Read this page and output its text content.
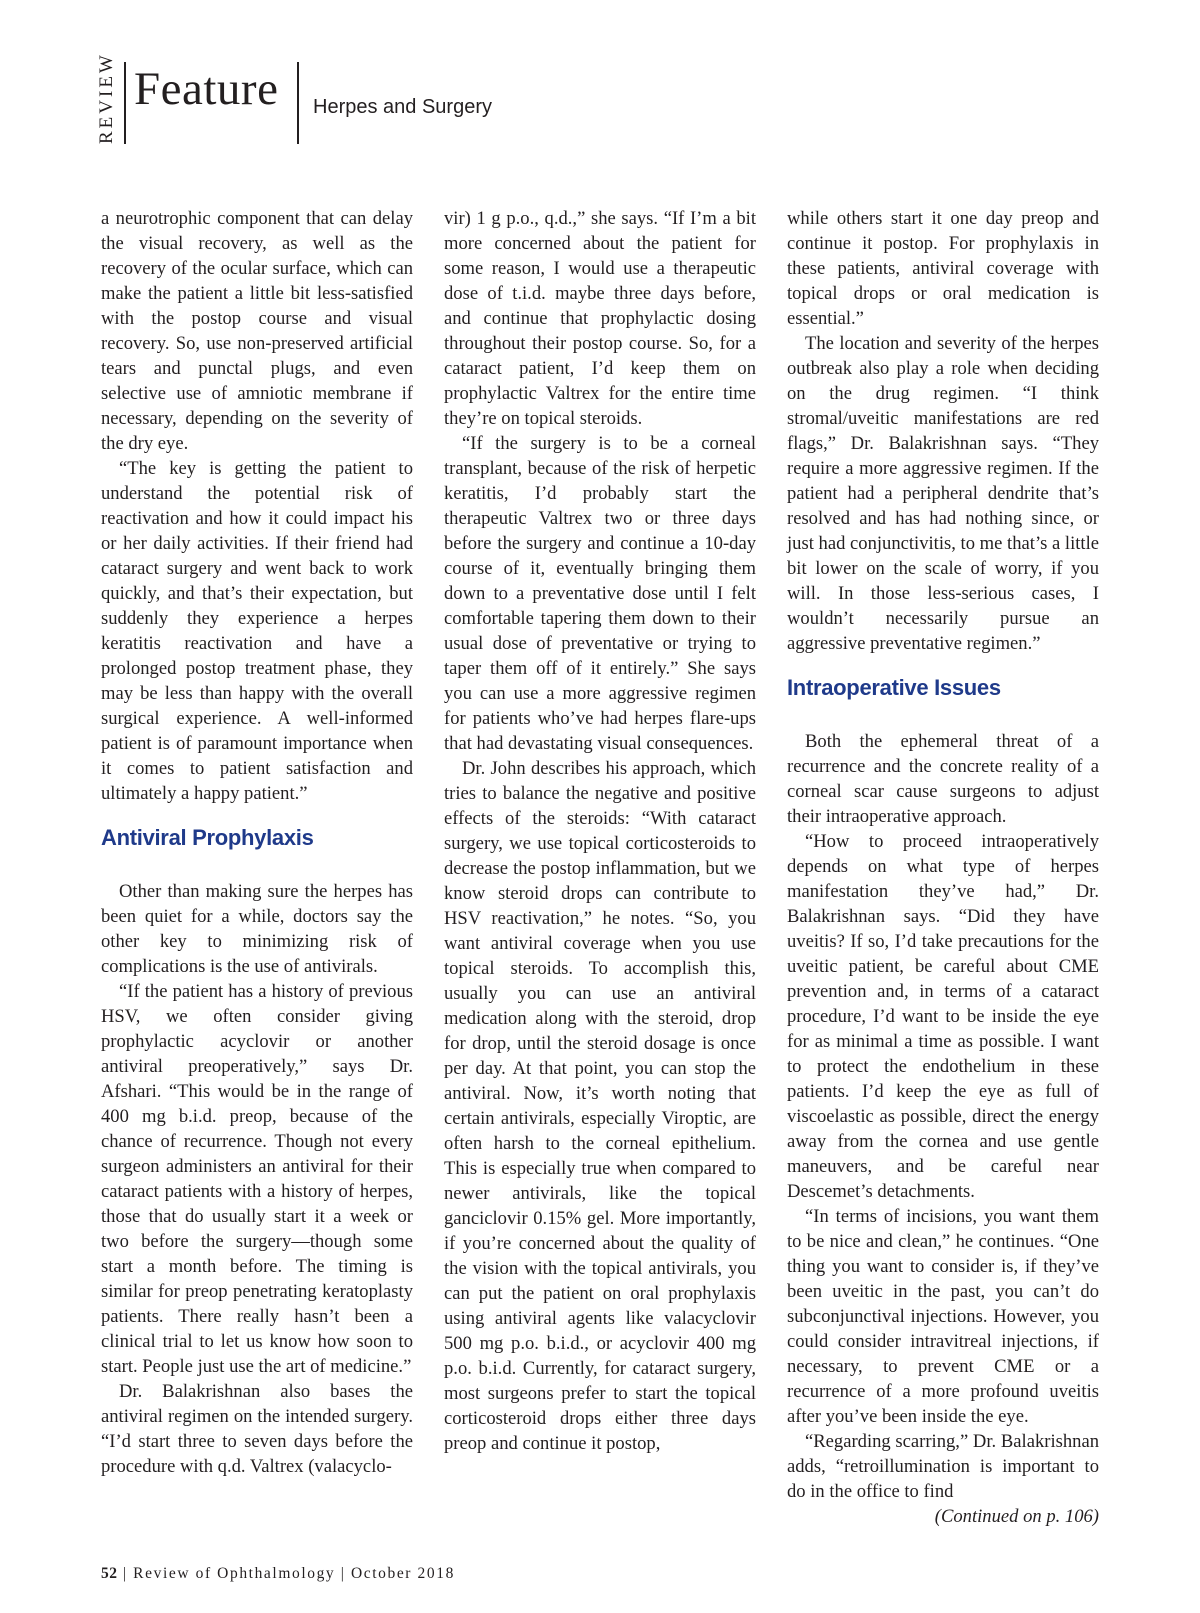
REVIEW Feature Herpes and Surgery

a neurotrophic component that can delay the visual recovery, as well as the recovery of the ocular surface, which can make the patient a little bit less-satisfied with the postop course and visual recovery. So, use non-preserved artificial tears and punctal plugs, and even selective use of amniotic membrane if necessary, depending on the severity of the dry eye.

“The key is getting the patient to understand the potential risk of reactivation and how it could impact his or her daily activities. If their friend had cataract surgery and went back to work quickly, and that’s their expectation, but suddenly they experience a herpes keratitis reactivation and have a prolonged postop treatment phase, they may be less than happy with the overall surgical experience. A well-informed patient is of paramount importance when it comes to patient satisfaction and ultimately a happy patient.”

Antiviral Prophylaxis

Other than making sure the herpes has been quiet for a while, doctors say the other key to minimizing risk of complications is the use of antivirals.

“If the patient has a history of previous HSV, we often consider giving prophylactic acyclovir or another antiviral preoperatively,” says Dr. Afshari. “This would be in the range of 400 mg b.i.d. preop, because of the chance of recurrence. Though not every surgeon administers an antiviral for their cataract patients with a history of herpes, those that do usually start it a week or two before the surgery—though some start a month before. The timing is similar for preop penetrating keratoplasty patients. There really hasn’t been a clinical trial to let us know how soon to start. People just use the art of medicine.”

Dr. Balakrishnan also bases the antiviral regimen on the intended surgery. “I’d start three to seven days before the procedure with q.d. Valtrex (valacyclo-

vir) 1 g p.o., q.d.,” she says. “If I’m a bit more concerned about the patient for some reason, I would use a therapeutic dose of t.i.d. maybe three days before, and continue that prophylactic dosing throughout their postop course. So, for a cataract patient, I’d keep them on prophylactic Valtrex for the entire time they’re on topical steroids.

“If the surgery is to be a corneal transplant, because of the risk of herpetic keratitis, I’d probably start the therapeutic Valtrex two or three days before the surgery and continue a 10-day course of it, eventually bringing them down to a preventative dose until I felt comfortable tapering them down to their usual dose of preventative or trying to taper them off of it entirely.” She says you can use a more aggressive regimen for patients who’ve had herpes flare-ups that had devastating visual consequences.

Dr. John describes his approach, which tries to balance the negative and positive effects of the steroids: “With cataract surgery, we use topical corticosteroids to decrease the postop inflammation, but we know steroid drops can contribute to HSV reactivation,” he notes. “So, you want antiviral coverage when you use topical steroids. To accomplish this, usually you can use an antiviral medication along with the steroid, drop for drop, until the steroid dosage is once per day. At that point, you can stop the antiviral. Now, it’s worth noting that certain antivirals, especially Viroptic, are often harsh to the corneal epithelium. This is especially true when compared to newer antivirals, like the topical ganciclovir 0.15% gel. More importantly, if you’re concerned about the quality of the vision with the topical antivirals, you can put the patient on oral prophylaxis using antiviral agents like valacyclovir 500 mg p.o. b.i.d., or acyclovir 400 mg p.o. b.i.d. Currently, for cataract surgery, most surgeons prefer to start the topical corticosteroid drops either three days preop and continue it postop,

while others start it one day preop and continue it postop. For prophylaxis in these patients, antiviral coverage with topical drops or oral medication is essential.”

The location and severity of the herpes outbreak also play a role when deciding on the drug regimen. “I think stromal/uveitic manifestations are red flags,” Dr. Balakrishnan says. “They require a more aggressive regimen. If the patient had a peripheral dendrite that’s resolved and has had nothing since, or just had conjunctivitis, to me that’s a little bit lower on the scale of worry, if you will. In those less-serious cases, I wouldn’t necessarily pursue an aggressive preventative regimen.”

Intraoperative Issues

Both the ephemeral threat of a recurrence and the concrete reality of a corneal scar cause surgeons to adjust their intraoperative approach.

“How to proceed intraoperatively depends on what type of herpes manifestation they’ve had,” Dr. Balakrishnan says. “Did they have uveitis? If so, I’d take precautions for the uveitic patient, be careful about CME prevention and, in terms of a cataract procedure, I’d want to be inside the eye for as minimal a time as possible. I want to protect the endothelium in these patients. I’d keep the eye as full of viscoelastic as possible, direct the energy away from the cornea and use gentle maneuvers, and be careful near Descemet’s detachments.

“In terms of incisions, you want them to be nice and clean,” he continues. “One thing you want to consider is, if they’ve been uveitic in the past, you can’t do subconjunctival injections. However, you could consider intravitreal injections, if necessary, to prevent CME or a recurrence of a more profound uveitis after you’ve been inside the eye.

“Regarding scarring,” Dr. Balakrishnan adds, “retroillumination is important to do in the office to find

(Continued on p. 106)

52 | Review of Ophthalmology | October 2018
